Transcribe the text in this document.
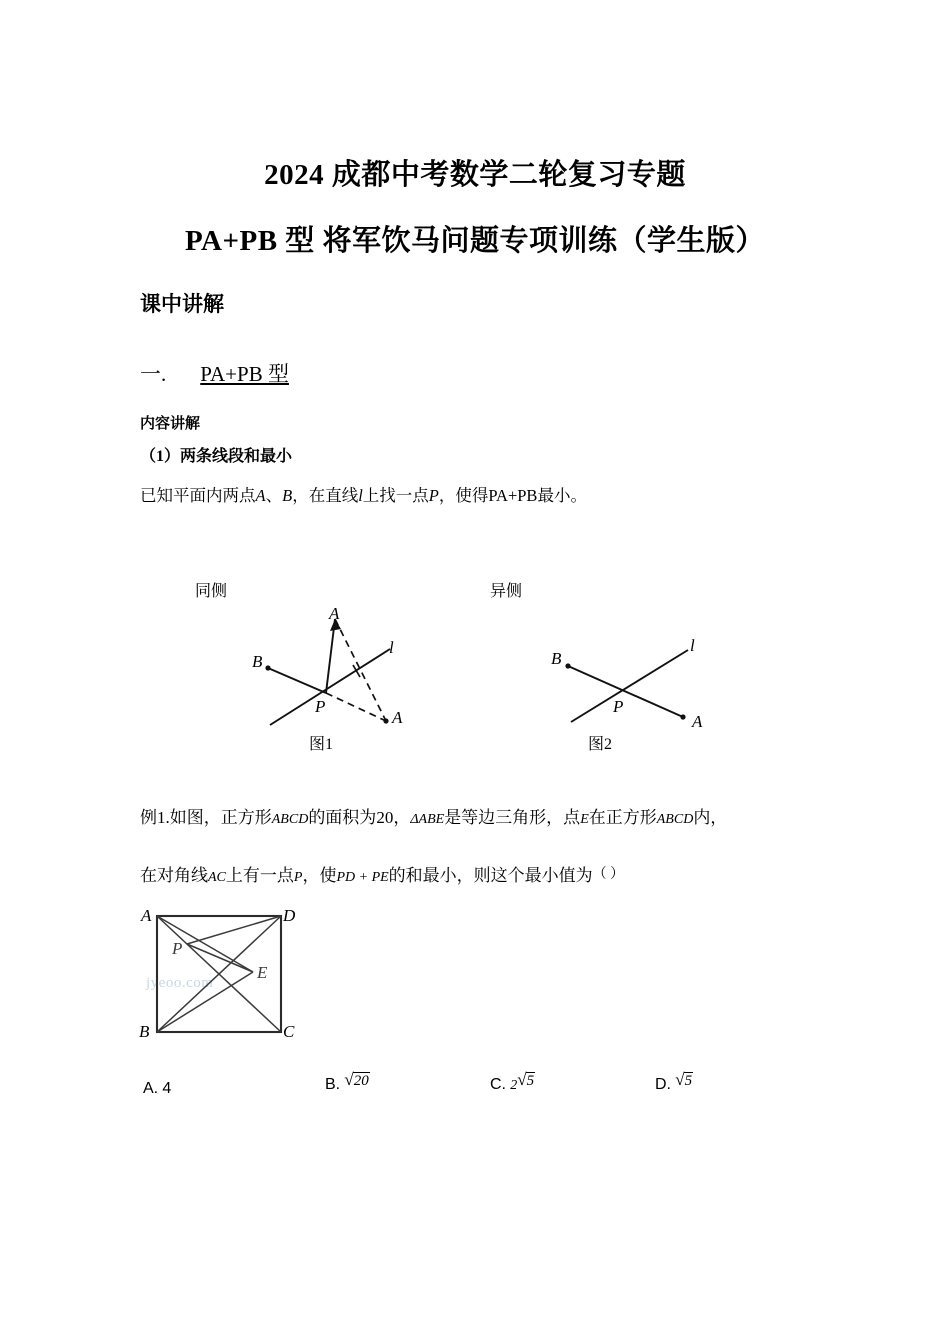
2024 成都中考数学二轮复习专题
PA+PB 型 将军饮马问题专项训练（学生版）
课中讲解
一. PA+PB 型
内容讲解
（1）两条线段和最小
已知平面内两点A、B，在直线l上找一点P，使得PA+PB最小。
同侧
A
A
B
P
l
图1
异侧
B
A
P
l
图2
例1.如图，正方形ABCD的面积为20，ΔABE是等边三角形，点E在正方形ABCD内，
在对角线AC上有一点P，使PD + PE的和最小，则这个最小值为（ ）
jyeoo.com
A	D
B	C
P
E
A. 4	B. √20	C. 2√5	D. √5
